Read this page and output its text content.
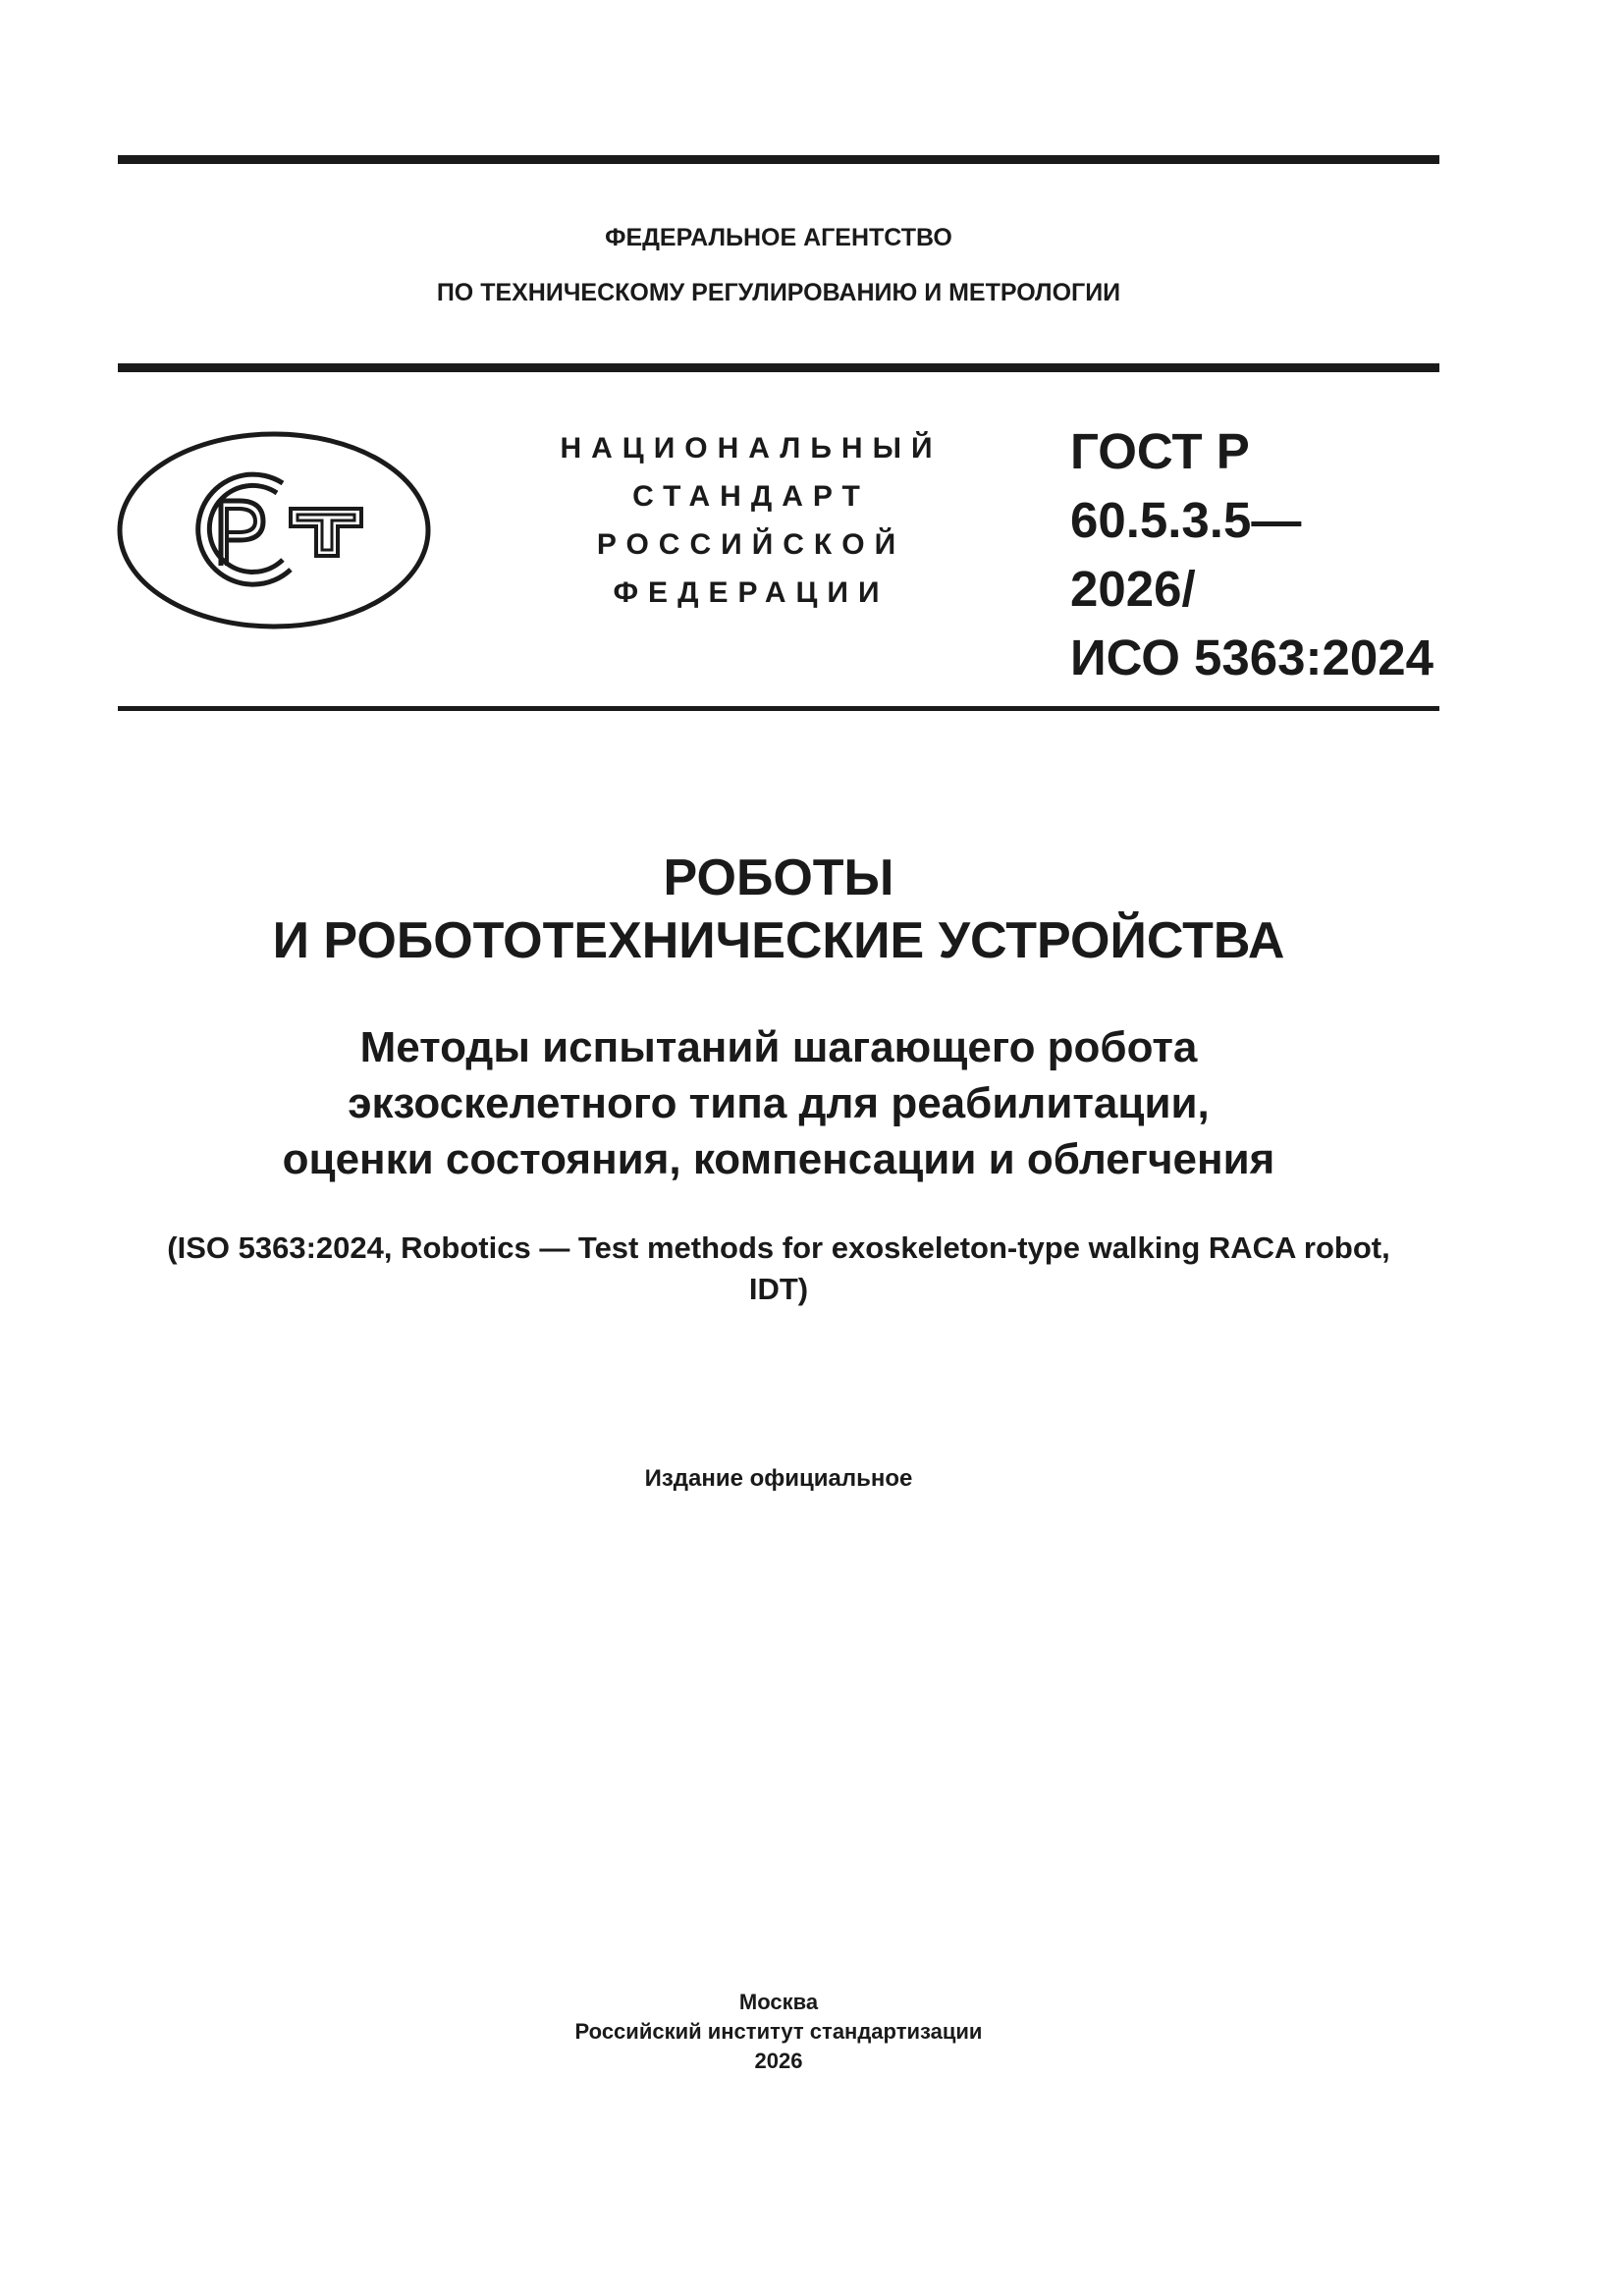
ФЕДЕРАЛЬНОЕ АГЕНТСТВО
ПО ТЕХНИЧЕСКОМУ РЕГУЛИРОВАНИЮ И МЕТРОЛОГИИ
НАЦИОНАЛЬНЫЙ
СТАНДАРТ
РОССИЙСКОЙ
ФЕДЕРАЦИИ
ГОСТ Р
60.5.3.5—
2026/
ИСО 5363:2024
РОБОТЫ
И РОБОТОТЕХНИЧЕСКИЕ УСТРОЙСТВА
Методы испытаний шагающего робота
экзоскелетного типа для реабилитации,
оценки состояния, компенсации и облегчения
(ISO 5363:2024, Robotics — Test methods for exoskeleton-type walking RACA robot,
IDT)
Издание официальное
Москва
Российский институт стандартизации
2026
